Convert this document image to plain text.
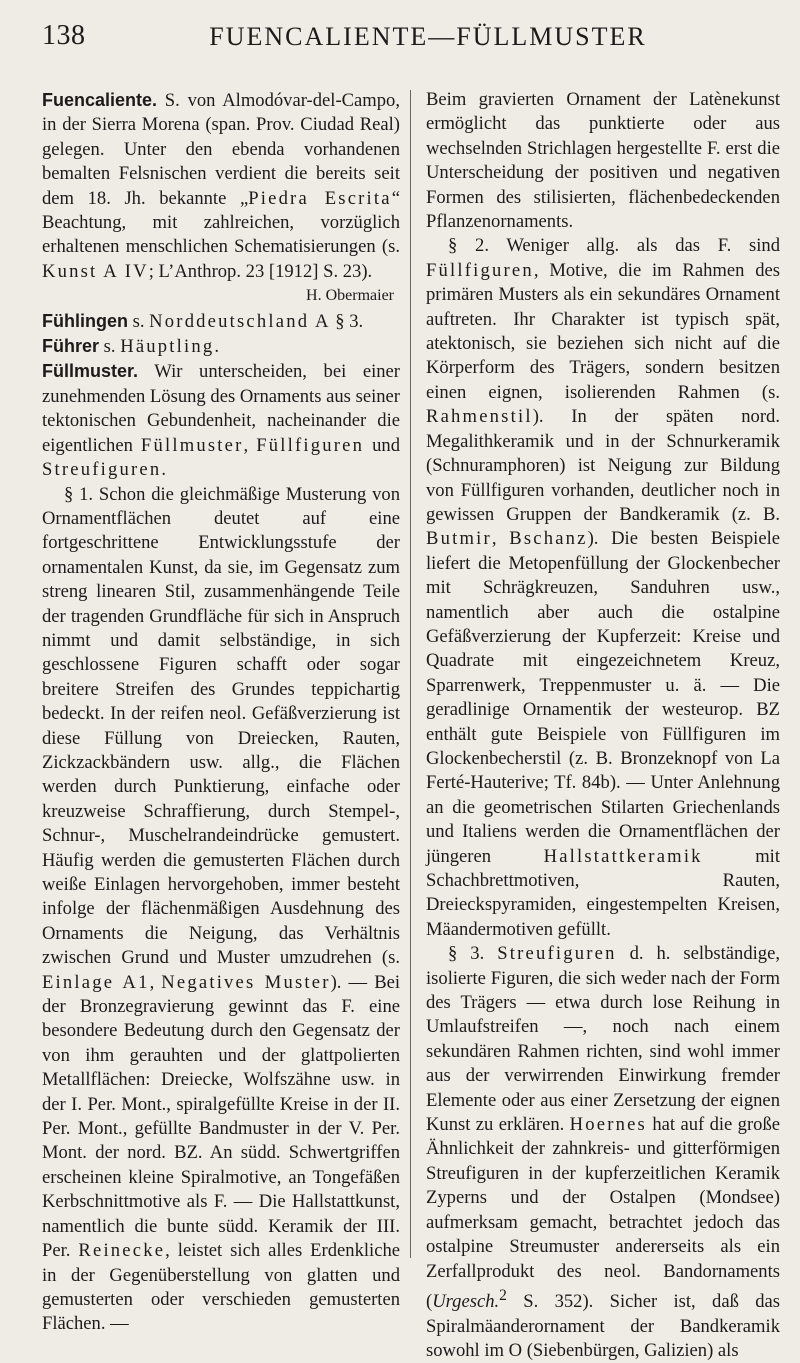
138	FUENCALIENTE—FÜLLMUSTER

Fuencaliente. S. von Almodóvar-del-Campo, in der Sierra Morena (span. Prov. Ciudad Real) gelegen. Unter den ebenda vorhandenen bemalten Felsnischen verdient die bereits seit dem 18. Jh. bekannte „Piedra Escrita“ Beachtung, mit zahlreichen, vorzüglich erhaltenen menschlichen Schematisierungen (s. Kunst A IV; L’Anthrop. 23 [1912] S. 23).
H. Obermaier

Fühlingen s. Norddeutschland A § 3.

Führer s. Häuptling.

Füllmuster. Wir unterscheiden, bei einer zunehmenden Lösung des Ornaments aus seiner tektonischen Gebundenheit, nacheinander die eigentlichen Füllmuster, Füllfiguren und Streufiguren.

§ 1. Schon die gleichmäßige Musterung von Ornamentflächen deutet auf eine fortgeschrittene Entwicklungsstufe der ornamentalen Kunst, da sie, im Gegensatz zum streng linearen Stil, zusammenhängende Teile der tragenden Grundfläche für sich in Anspruch nimmt und damit selbständige, in sich geschlossene Figuren schafft oder sogar breitere Streifen des Grundes teppichartig bedeckt. In der reifen neol. Gefäßverzierung ist diese Füllung von Dreiecken, Rauten, Zickzackbändern usw. allg., die Flächen werden durch Punktierung, einfache oder kreuzweise Schraffierung, durch Stempel-, Schnur-, Muschelrandeindrücke gemustert. Häufig werden die gemusterten Flächen durch weiße Einlagen hervorgehoben, immer besteht infolge der flächenmäßigen Ausdehnung des Ornaments die Neigung, das Verhältnis zwischen Grund und Muster umzudrehen (s. Einlage A1, Negatives Muster). — Bei der Bronzegravierung gewinnt das F. eine besondere Bedeutung durch den Gegensatz der von ihm gerauhten und der glattpolierten Metallflächen: Dreiecke, Wolfszähne usw. in der I. Per. Mont., spiralgefüllte Kreise in der II. Per. Mont., gefüllte Bandmuster in der V. Per. Mont. der nord. BZ. An südd. Schwertgriffen erscheinen kleine Spiralmotive, an Tongefäßen Kerbschnittmotive als F. — Die Hallstattkunst, namentlich die bunte südd. Keramik der III. Per. Reinecke, leistet sich alles Erdenkliche in der Gegenüberstellung von glatten und gemusterten oder verschieden gemusterten Flächen. —

Beim gravierten Ornament der Latènekunst ermöglicht das punktierte oder aus wechselnden Strichlagen hergestellte F. erst die Unterscheidung der positiven und negativen Formen des stilisierten, flächenbedeckenden Pflanzenornaments.

§ 2. Weniger allg. als das F. sind Füllfiguren, Motive, die im Rahmen des primären Musters als ein sekundäres Ornament auftreten. Ihr Charakter ist typisch spät, atektonisch, sie beziehen sich nicht auf die Körperform des Trägers, sondern besitzen einen eignen, isolierenden Rahmen (s. Rahmenstil). In der späten nord. Megalithkeramik und in der Schnurkeramik (Schnuramphoren) ist Neigung zur Bildung von Füllfiguren vorhanden, deutlicher noch in gewissen Gruppen der Bandkeramik (z. B. Butmir, Bschanz). Die besten Beispiele liefert die Metopenfüllung der Glockenbecher mit Schrägkreuzen, Sanduhren usw., namentlich aber auch die ostalpine Gefäßverzierung der Kupferzeit: Kreise und Quadrate mit eingezeichnetem Kreuz, Sparrenwerk, Treppenmuster u. ä. — Die geradlinige Ornamentik der westeurop. BZ enthält gute Beispiele von Füllfiguren im Glockenbecherstil (z. B. Bronzeknopf von La Ferté-Hauterive; Tf. 84b). — Unter Anlehnung an die geometrischen Stilarten Griechenlands und Italiens werden die Ornamentflächen der jüngeren Hallstattkeramik mit Schachbrettmotiven, Rauten, Dreieckspyramiden, eingestempelten Kreisen, Mäandermotiven gefüllt.

§ 3. Streufiguren d. h. selbständige, isolierte Figuren, die sich weder nach der Form des Trägers — etwa durch lose Reihung in Umlaufstreifen —, noch nach einem sekundären Rahmen richten, sind wohl immer aus der verwirrenden Einwirkung fremder Elemente oder aus einer Zersetzung der eignen Kunst zu erklären. Hoernes hat auf die große Ähnlichkeit der zahnkreis- und gitterförmigen Streufiguren in der kupferzeitlichen Keramik Zyperns und der Ostalpen (Mondsee) aufmerksam gemacht, betrachtet jedoch das ostalpine Streumuster andererseits als ein Zerfallprodukt des neol. Bandornaments (Urgesch.$^2$ S. 352). Sicher ist, daß das Spiralmäanderornament der Bandkeramik sowohl im O (Siebenbürgen, Galizien) als
